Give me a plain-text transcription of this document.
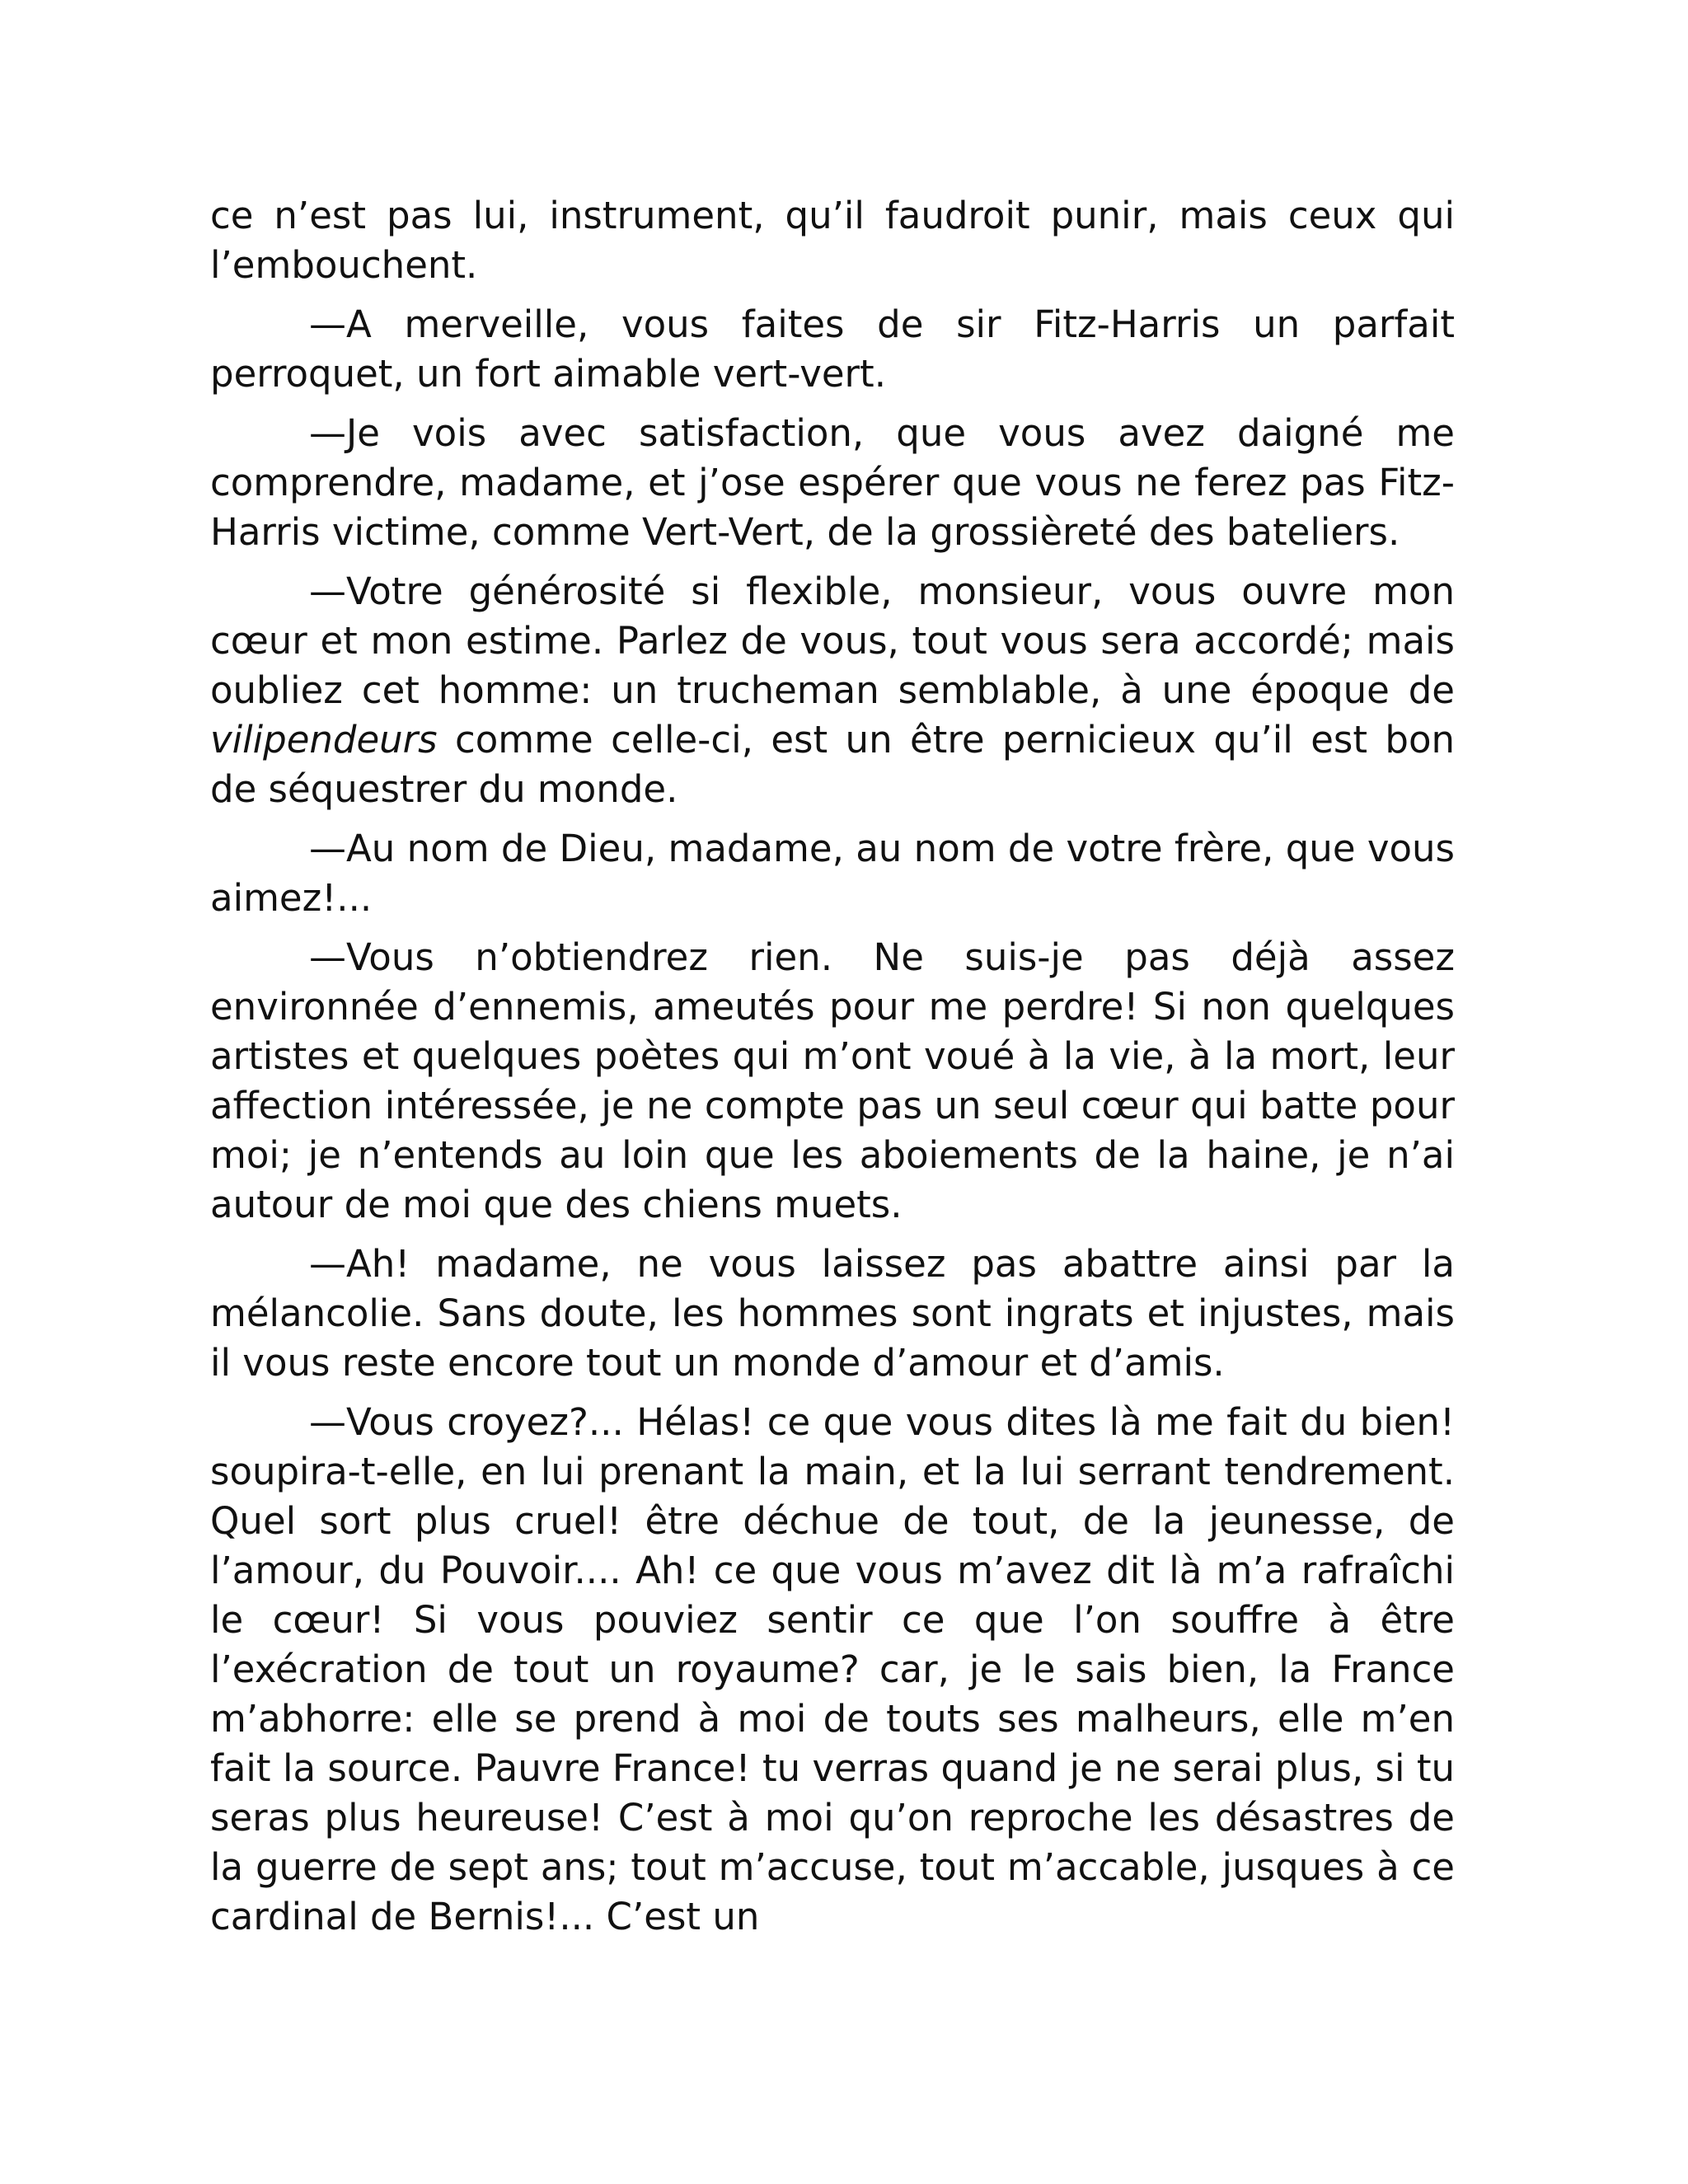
ce n’est pas lui, instrument, qu’il faudroit punir, mais ceux qui l’embouchent.

—A merveille, vous faites de sir Fitz-Harris un parfait perroquet, un fort aimable vert-vert.

—Je vois avec satisfaction, que vous avez daigné me comprendre, madame, et j’ose espérer que vous ne ferez pas Fitz-Harris victime, comme Vert-Vert, de la grossièreté des bateliers.

—Votre générosité si flexible, monsieur, vous ouvre mon cœur et mon estime. Parlez de vous, tout vous sera accordé; mais oubliez cet homme: un trucheman semblable, à une époque de vilipendeurs comme celle-ci, est un être pernicieux qu’il est bon de séquestrer du monde.

—Au nom de Dieu, madame, au nom de votre frère, que vous aimez!...

—Vous n’obtiendrez rien. Ne suis-je pas déjà assez environnée d’ennemis, ameutés pour me perdre! Si non quelques artistes et quelques poètes qui m’ont voué à la vie, à la mort, leur affection intéressée, je ne compte pas un seul cœur qui batte pour moi; je n’entends au loin que les aboiements de la haine, je n’ai autour de moi que des chiens muets.

—Ah! madame, ne vous laissez pas abattre ainsi par la mélancolie. Sans doute, les hommes sont ingrats et injustes, mais il vous reste encore tout un monde d’amour et d’amis.

—Vous croyez?... Hélas! ce que vous dites là me fait du bien! soupira-t-elle, en lui prenant la main, et la lui serrant tendrement. Quel sort plus cruel! être déchue de tout, de la jeunesse, de l’amour, du Pouvoir.... Ah! ce que vous m’avez dit là m’a rafraîchi le cœur! Si vous pouviez sentir ce que l’on souffre à être l’exécration de tout un royaume? car, je le sais bien, la France m’abhorre: elle se prend à moi de touts ses malheurs, elle m’en fait la source. Pauvre France! tu verras quand je ne serai plus, si tu seras plus heureuse! C’est à moi qu’on reproche les désastres de la guerre de sept ans; tout m’accuse, tout m’accable, jusques à ce cardinal de Bernis!... C’est un
